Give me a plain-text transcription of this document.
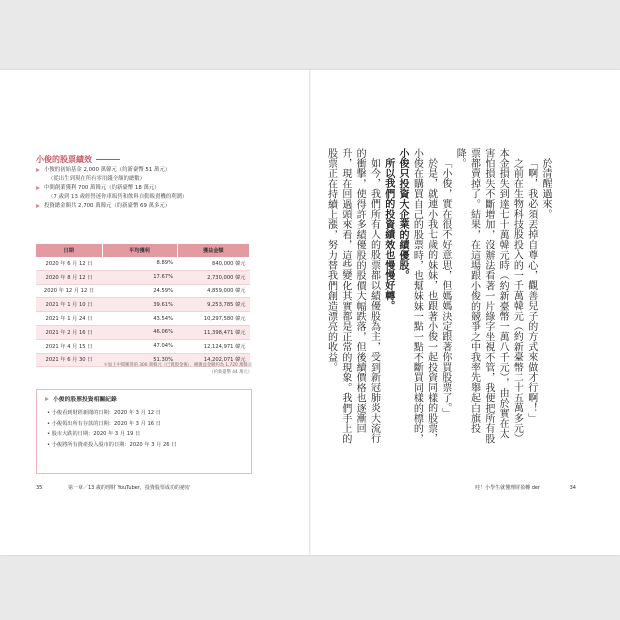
小俊的股票績效
小俊的初始基金 2,000 萬韓元（約新臺幣 51 萬元）
（從出生到現在所有零用錢全額的總數）
中間創業獲利 700 萬韓元（約新臺幣 18 萬元）
（7 歲到 13 歲經營迷你車販售和飲料自動販賣機的利潤）
投資總金額共 2,700 萬韓元（約新臺幣 69 萬多元）
日期	平均獲利	獲益金額
2020 年 6 月 12 日	8.89%	840,000 韓元
2020 年 8 月 12 日	17.67%	2,730,000 韓元
2020 年 12 月 12 日	24.59%	4,859,000 韓元
2021 年 1 月 10 日	39.61%	9,253,785 韓元
2021 年 1 月 24 日	43.54%	10,297,580 韓元
2021 年 2 月 16 日	46.06%	11,398,471 韓元
2021 年 4 月 15 日	47.04%	12,124,971 韓元
2021 年 6 月 30 日	51.30%	14,202,071 韓元
＊加上中間獲得的 300 萬韓元（已賣現金後），總獲益金額約為 1,720 萬韓元
（約新臺幣 44 萬元）
小俊的股票投資相關紀錄
• 小俊看到財經新聞的日期：2020 年 3 月 12 日
• 小俊領出所有存款的日期：2020 年 3 月 16 日
• 股市大跌的日期：2020 年 3 月 19 日
• 小俊將所有資產投入股市的日期：2020 年 3 月 26 日
35	第一章／13 歲的理財 YouTuber，投資股票成功的祕密

於清醒過來。

「啊，我必須丟掉自尊心，觀善兒子的方式來做才行啊！」

之前在生物科技股投入的一千萬韓元（約新臺幣二十五萬多元）本金損失到達七十萬韓元時（約新臺幣一萬八千元），由於實在太害怕損失不斷增加，沒辦法看著一片綠字坐視不管，我便把所有股票都賣掉了。結果，在這場跟小俊的競爭之中我率先舉起白旗投降。

「小俊，實在很不好意思，但媽媽決定跟著你買股票了。」

於是，就連小我七歲的妹妹，也跟著小俊一起投資同樣的股票，小俊在購買自己的股票時，也幫妹妹一點一點不斷買同樣的標的，小俊只投資大企業的績優股。

所以我們的投資績效也慢慢好轉。

如今，我們所有人的股票都以績優股為主，受到新冠肺炎大流行的衝擊，使得許多績優股的股價大幅跌落，但後續價格也逐漸回升，現在回過頭來看，這些變化其實都是正常的現象。我們手上的股票正在持續上漲，努力替我們創造漂亮的收益。

哇！小學生就懂理財盈轉 der	34
